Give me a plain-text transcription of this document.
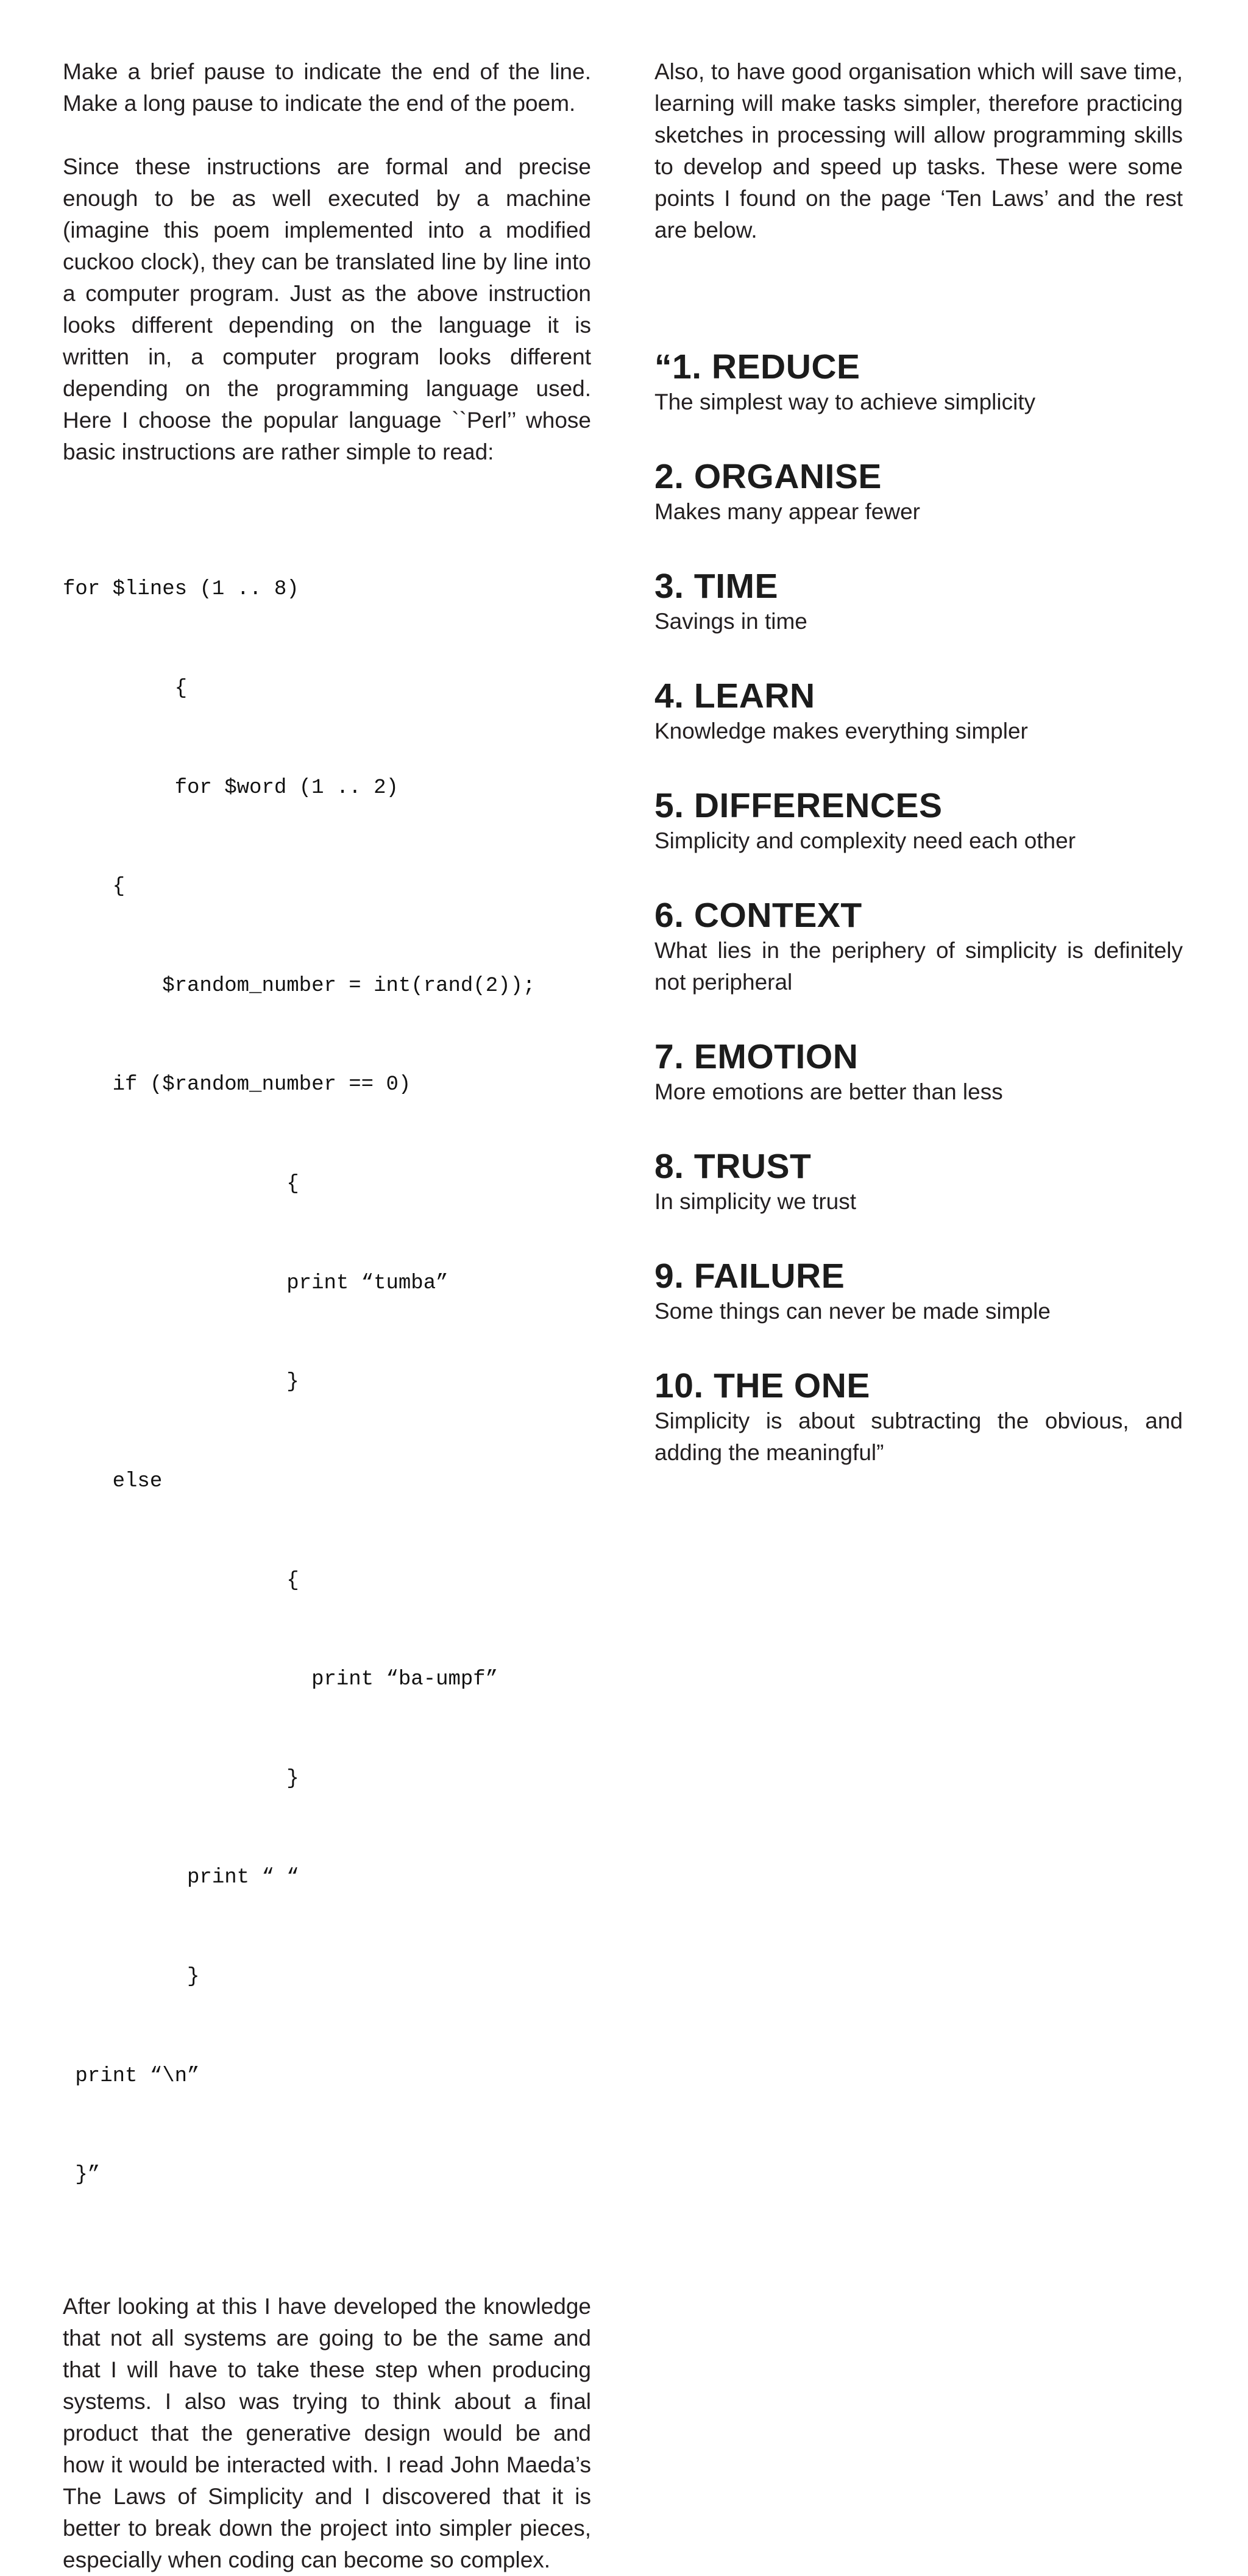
Make a brief pause to indicate the end of the line. Make a long pause to indicate the end of the poem.

Since these instructions are formal and precise enough to be as well executed by a machine (imagine this poem implemented into a modified cuckoo clock), they can be translated line by line into a computer program. Just as the above instruction looks different depending on the language it is written in, a computer program looks different depending on the programming language used. Here I choose the popular language ``Perl’’ whose basic instructions are rather simple to read:

for $lines (1 .. 8)

{

for $word (1 .. 2)

{

$random_number = int(rand(2));

if ($random_number == 0)

{

print “tumba”

}

else

{

print “ba-umpf”

}

print “ “

}

print “\n”

}”

After looking at this I have developed the knowledge that not all systems are going to be the same and that I will have to take these step when producing systems. I also was trying to think about a final product that the generative design would be and how it would be interacted with. I read John Maeda’s The Laws of Simplicity and I discovered that it is better to break down the project into simpler pieces, especially when coding can become so complex.

Also, to have good organisation which will save time, learning will make tasks simpler, therefore practicing sketches in processing will allow programming skills to develop and speed up tasks. These were some points I found on the page ‘Ten Laws’ and the rest are below.

“1. REDUCE

The simplest way to achieve simplicity

2. ORGANISE

Makes many appear fewer

3. TIME

Savings in time

4. LEARN

Knowledge makes everything simpler

5. DIFFERENCES

Simplicity and complexity need each other

6. CONTEXT

What lies in the periphery of simplicity is definitely not peripheral

7. EMOTION

More emotions are better than less

8. TRUST

In simplicity we trust

9. FAILURE

Some things can never be made simple

10. THE ONE

Simplicity is about subtracting the obvious, and adding the meaningful”
